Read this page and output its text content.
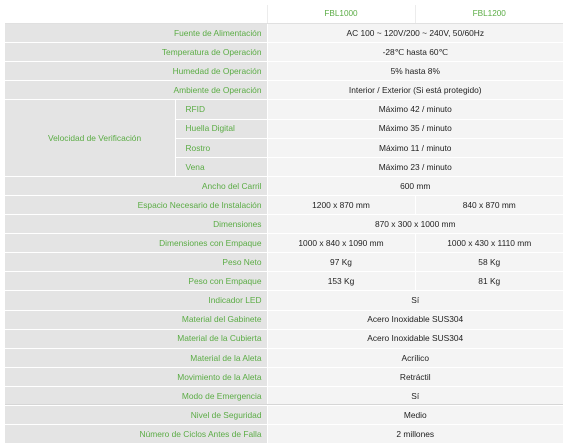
		FBL1000	FBL1200
Fuente de Alimentación		AC 100 ~ 120V/200 ~ 240V, 50/60Hz	
Temperatura de Operación		-28℃ hasta 60℃	
Humedad de Operación		5% hasta 8%	
Ambiente de Operación		Interior / Exterior (Si está protegido)	
Velocidad de Verificación	RFID	Máximo 42 / minuto	
	Huella Digital	Máximo 35 / minuto	
	Rostro	Máximo 11 / minuto	
	Vena	Máximo 23 / minuto	
Ancho del Carril		600 mm	
Espacio Necesario de Instalación		1200 x 870 mm	840 x 870 mm
Dimensiones		870 x 300 x 1000 mm	
Dimensiones con Empaque		1000 x 840 x 1090 mm	1000 x 430 x 1110 mm
Peso Neto		97 Kg	58 Kg
Peso con Empaque		153 Kg	81 Kg
Indicador LED		Sí	
Material del Gabinete		Acero Inoxidable SUS304	
Material de la Cubierta		Acero Inoxidable SUS304	
Material de la Aleta		Acrílico	
Movimiento de la Aleta		Retráctil	
Modo de Emergencia		Sí	
Nivel de Seguridad		Medio	
Número de Ciclos Antes de Falla		2 millones	
